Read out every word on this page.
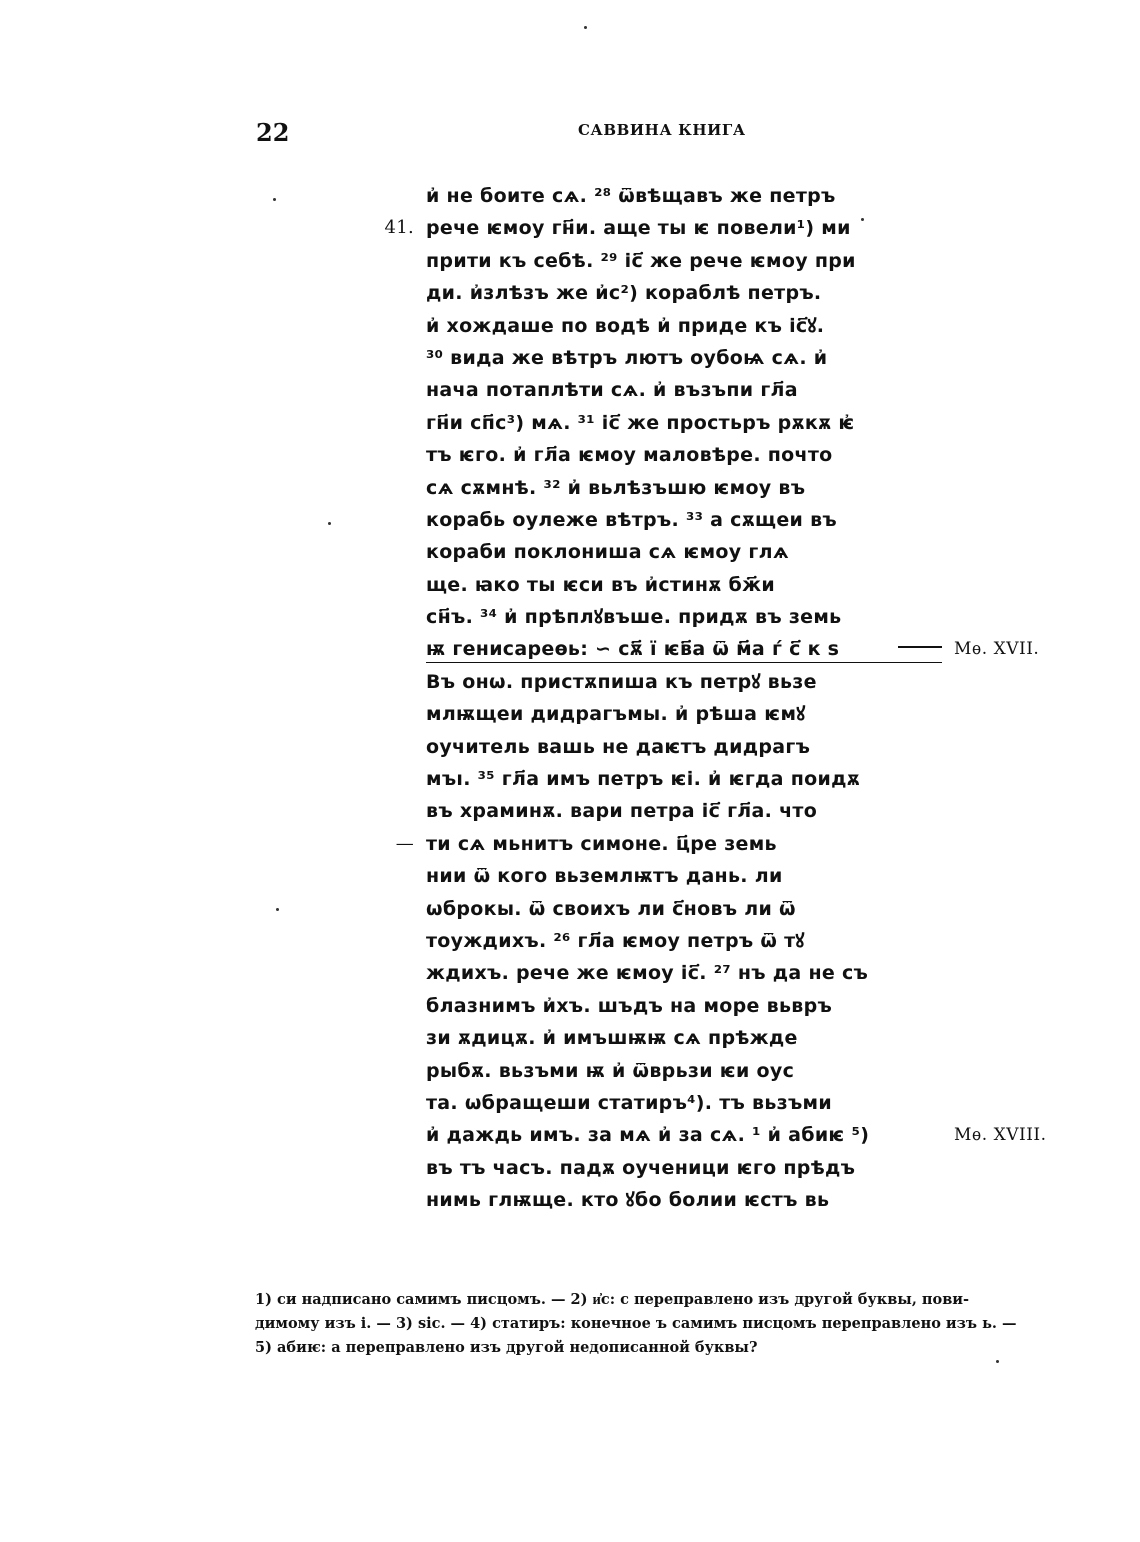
22	САВВИНА КНИГА
и҆ не боите сѧ. ²⁸ ѿвѣщавъ же петръ
41. рече ѥмоу гн҃и. аще ты ѥ повели¹) ми
прити къ себѣ. ²⁹ іс҃ же рече ѥмоу при
ди. и҆злѣзъ же и҆с²) кораблѣ петръ.
и҆ хождаше по водѣ и҆ приде къ іс҃ꙋ.
³⁰ вида же вѣтръ лютъ оубоѩ сѧ. и҆
нача потаплѣти сѧ. и҆ възъпи гл҃а
гн҃и сп҃с³) мѧ. ³¹ іс҃ же простьръ рѫкѫ ѥ҆
тъ ѥго. и҆ гл҃а ѥмоу маловѣре. почто
сѧ сѫмнѣ. ³² и҆ вьлѣзъшю ѥмоу въ
корабь оулеже вѣтръ. ³³ а сѫщеи въ
кораби поклониша сѧ ѥмоу глѧ
ще. ꙗко ты ѥси въ и҆стинѫ бж҃и
сн҃ъ. ³⁴ и҆ прѣплꙋвъше. придѫ въ земь
ѭ генисареѳь: ∽ сѫ҃ ї ѥв҃а ѿ м҃а ѓ с҃ к ѕ	Мѳ. XVII.
Въ онѡ. пристѫпиша къ петрꙋ вьзе
млѭщеи дидрагъмы. и҆ рѣша ѥмꙋ
оучитель вашь не даѥтъ дидрагъ
мъı. ³⁵ гл҃а имъ петръ ѥі. и҆ ѥгда поидѫ
въ храминѫ. вари петра іс҃ гл҃а. что
— ти сѧ мьнитъ симоне. ц҃ре земь
нии ѿ кого вьземлѭтъ дань. ли
ѡброкы. ѿ своихъ ли с҃новъ ли ѿ
тоуждихъ. ²⁶ гл҃а ѥмоу петръ ѿ тꙋ
ждихъ. рече же ѥмоу іс҃. ²⁷ нъ да не съ
блазнимъ и҆хъ. шъдъ на море вьвръ
зи ѫдицѫ. и҆ имъшѭѭ сѧ прѣжде
рыбѫ. вьзъми ѭ и҆ ѿврьзи ѥи оус
та. ѡбращеши статиръ⁴). тъ вьзъми
и҆ даждь имъ. за мѧ и҆ за сѧ. ¹ и҆ абиѥ ⁵)	Мѳ. XVIII.
въ тъ часъ. падѫ оученици ѥго прѣдъ
нимь глѭще. кто ꙋбо болии ѥстъ вь
1) си надписано самимъ писцомъ. — 2) и҆с: с переправлено изъ другой буквы, пови-
димому изъ і. — 3) sic. — 4) статиръ: конечное ъ самимъ писцомъ переправлено изъ ь. —
5) абиѥ: а переправлено изъ другой недописанной буквы?
